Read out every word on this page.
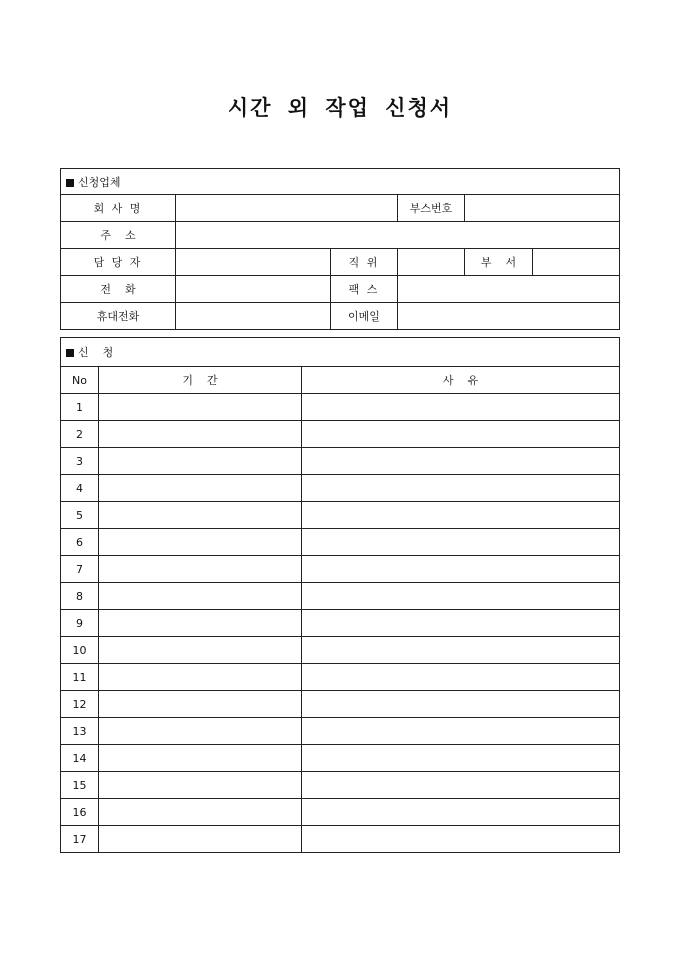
시간 외 작업 신청서
신청업체					
회 사 명			부스번호		
주    소					
담 당 자		직 위		부    서	
전    화		팩 스			
휴대전화		이메일			
신    청		
No	기    간	사    유
1		
2		
3		
4		
5		
6		
7		
8		
9		
10		
11		
12		
13		
14		
15		
16		
17		
